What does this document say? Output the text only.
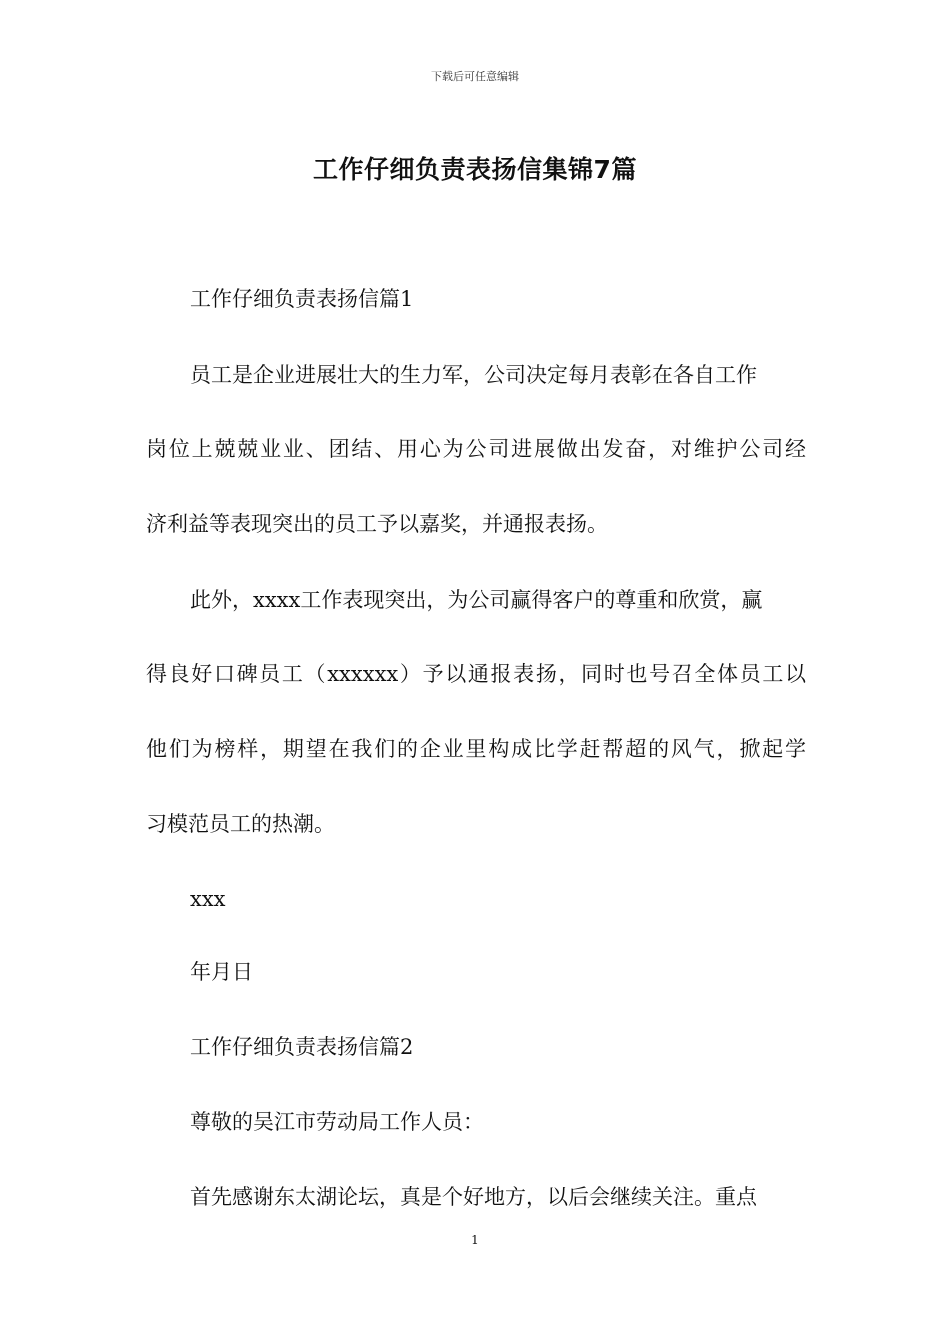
下载后可任意编辑
工作仔细负责表扬信集锦7篇
工作仔细负责表扬信篇1
员工是企业进展壮大的生力军，公司决定每月表彰在各自工作
岗位上兢兢业业、团结、用心为公司进展做出发奋，对维护公司经
济利益等表现突出的员工予以嘉奖，并通报表扬。
此外，xxxx工作表现突出，为公司赢得客户的尊重和欣赏，赢
得良好口碑员工（xxxxxx）予以通报表扬，同时也号召全体员工以
他们为榜样，期望在我们的企业里构成比学赶帮超的风气，掀起学
习模范员工的热潮。
xxx
年月日
工作仔细负责表扬信篇2
尊敬的吴江市劳动局工作人员：
首先感谢东太湖论坛，真是个好地方，以后会继续关注。重点
1
